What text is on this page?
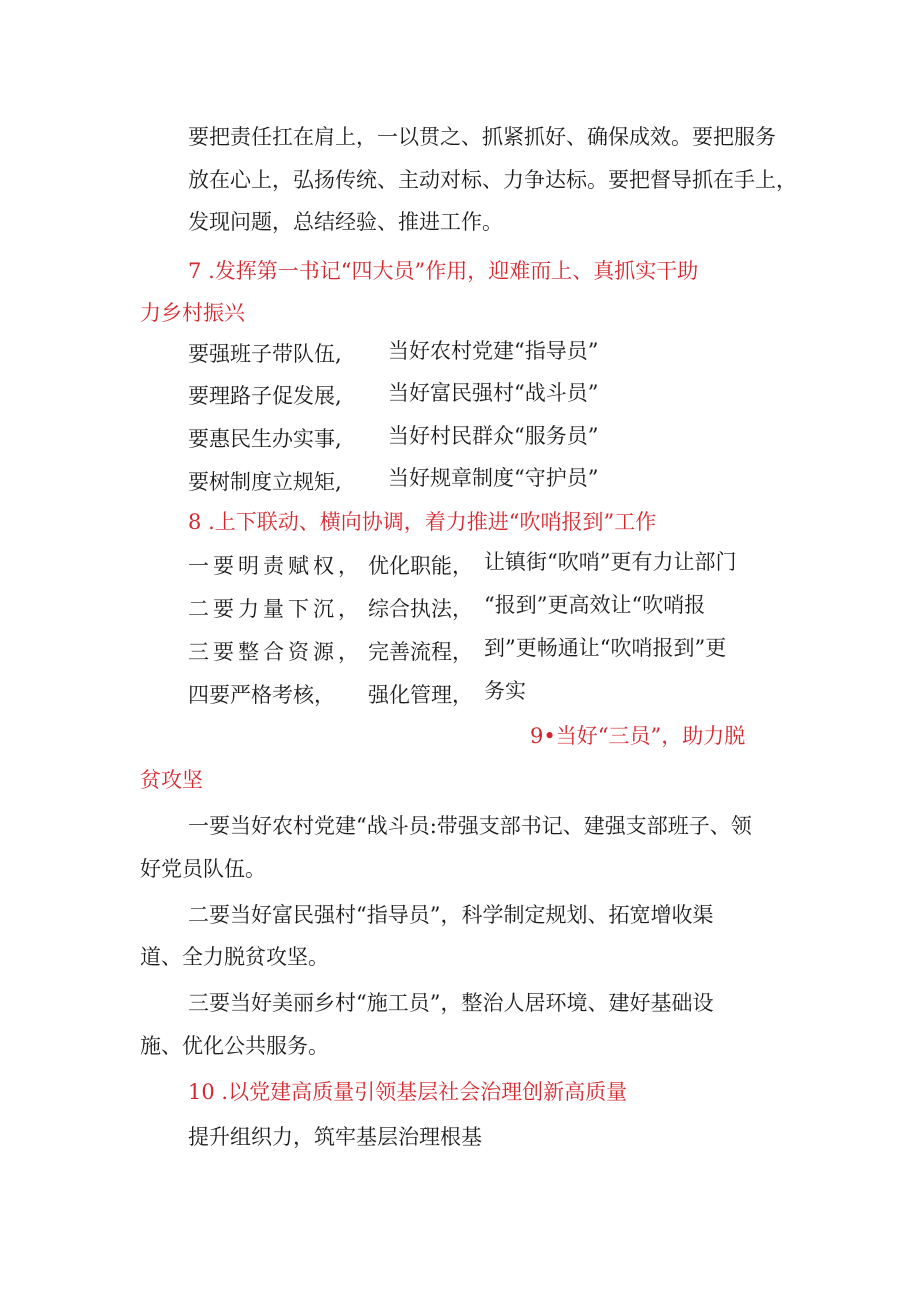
要把责任扛在肩上，一以贯之、抓紧抓好、确保成效。要把服务
放在心上，弘扬传统、主动对标、力争达标。要把督导抓在手上，
发现问题，总结经验、推进工作。
7 .发挥第一书记“四大员”作用，迎难而上、真抓实干助
力乡村振兴
要强班子带队伍, 当好农村党建“指导员”
要理路子促发展, 当好富民强村“战斗员”
要惠民生办实事, 当好村民群众“服务员”
要树制度立规矩, 当好规章制度“守护员”
8 .上下联动、横向协调，着力推进“吹哨报到”工作
一要明责赋权， 优化职能， 让镇街“吹哨”更有力让部门
二要力量下沉， 综合执法， “报到”更高效让“吹哨报
三要整合资源， 完善流程， 到”更畅通让“吹哨报到”更
四要严格考核， 强化管理， 务实
9•当好“三员”，助力脱
贫攻坚
一要当好农村党建“战斗员:带强支部书记、建强支部班子、领
好党员队伍。
二要当好富民强村“指导员”，科学制定规划、拓宽增收渠
道、全力脱贫攻坚。
三要当好美丽乡村“施工员”，整治人居环境、建好基础设
施、优化公共服务。
10 .以党建高质量引领基层社会治理创新高质量
提升组织力，筑牢基层治理根基
